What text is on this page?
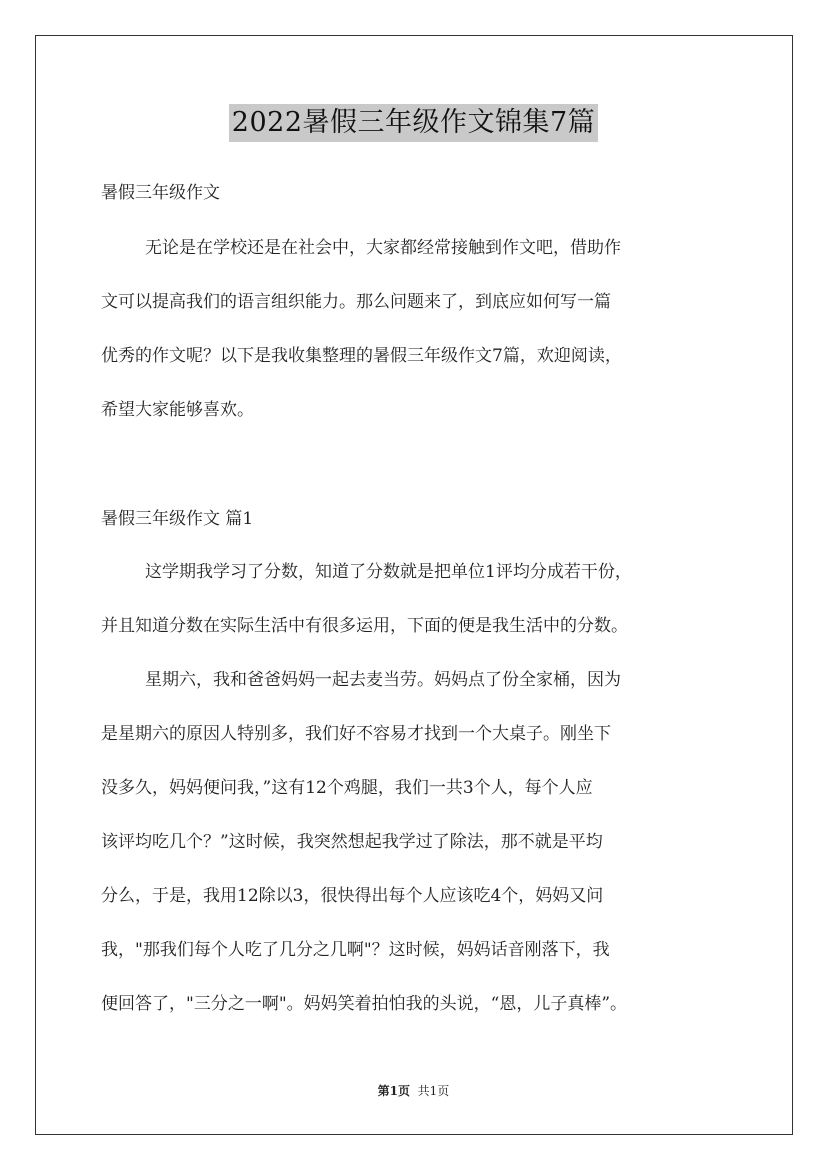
2022暑假三年级作文锦集7篇
暑假三年级作文
无论是在学校还是在社会中，大家都经常接触到作文吧，借助作
文可以提高我们的语言组织能力。那么问题来了，到底应如何写一篇
优秀的作文呢？以下是我收集整理的暑假三年级作文7篇，欢迎阅读，
希望大家能够喜欢。
暑假三年级作文 篇1
这学期我学习了分数，知道了分数就是把单位1评均分成若干份，
并且知道分数在实际生活中有很多运用，下面的便是我生活中的分数。
星期六，我和爸爸妈妈一起去麦当劳。妈妈点了份全家桶，因为
是星期六的原因人特别多，我们好不容易才找到一个大桌子。刚坐下
没多久，妈妈便问我，”这有12个鸡腿，我们一共3个人，每个人应
该评均吃几个？”这时候，我突然想起我学过了除法，那不就是平均
分么，于是，我用12除以3，很快得出每个人应该吃4个，妈妈又问
我，"那我们每个人吃了几分之几啊"？这时候，妈妈话音刚落下，我
便回答了，"三分之一啊"。妈妈笑着拍怕我的头说，“恩，儿子真棒”。
第1页 共1页
